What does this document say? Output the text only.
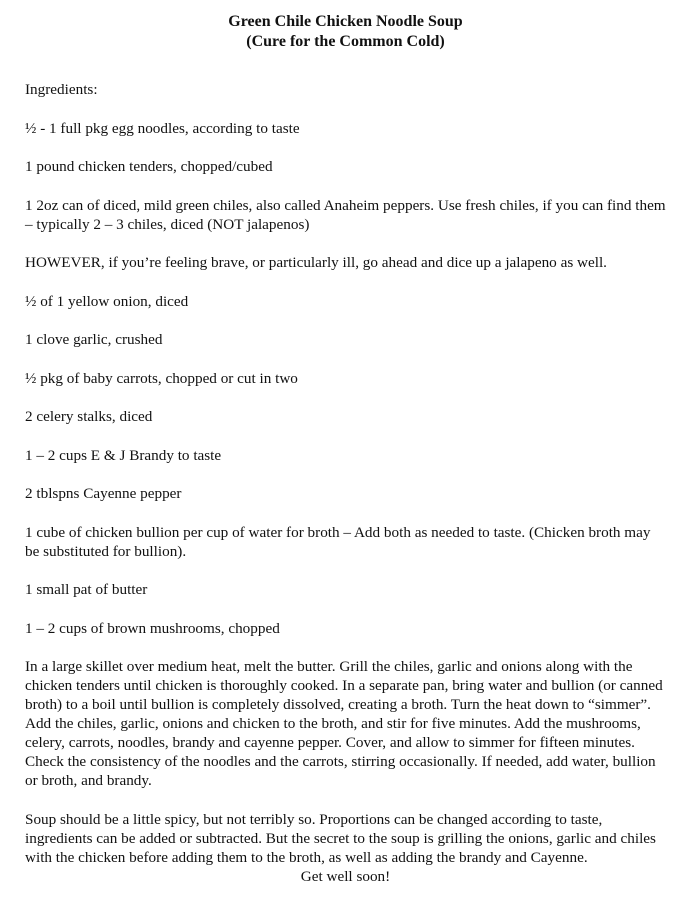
Green Chile Chicken Noodle Soup
(Cure for the Common Cold)

Ingredients:

½ - 1 full pkg egg noodles, according to taste

1 pound chicken tenders, chopped/cubed

1 2oz can of diced, mild green chiles, also called Anaheim peppers. Use fresh chiles, if you can find them – typically 2 – 3 chiles, diced (NOT jalapenos)

HOWEVER, if you’re feeling brave, or particularly ill, go ahead and dice up a jalapeno as well.

½ of 1 yellow onion, diced

1 clove garlic, crushed

½ pkg of baby carrots, chopped or cut in two

2 celery stalks, diced

1 – 2 cups E & J Brandy to taste

2 tblspns Cayenne pepper

1 cube of chicken bullion per cup of water for broth – Add both as needed to taste. (Chicken broth may be substituted for bullion).

1 small pat of butter

1 – 2 cups of brown mushrooms, chopped

In a large skillet over medium heat, melt the butter. Grill the chiles, garlic and onions along with the chicken tenders until chicken is thoroughly cooked. In a separate pan, bring water and bullion (or canned broth) to a boil until bullion is completely dissolved, creating a broth. Turn the heat down to “simmer”. Add the chiles, garlic, onions and chicken to the broth, and stir for five minutes. Add the mushrooms, celery, carrots, noodles, brandy and cayenne pepper. Cover, and allow to simmer for fifteen minutes. Check the consistency of the noodles and the carrots, stirring occasionally. If needed, add water, bullion or broth, and brandy.

Soup should be a little spicy, but not terribly so. Proportions can be changed according to taste, ingredients can be added or subtracted. But the secret to the soup is grilling the onions, garlic and chiles with the chicken before adding them to the broth, as well as adding the brandy and Cayenne.

Get well soon!
